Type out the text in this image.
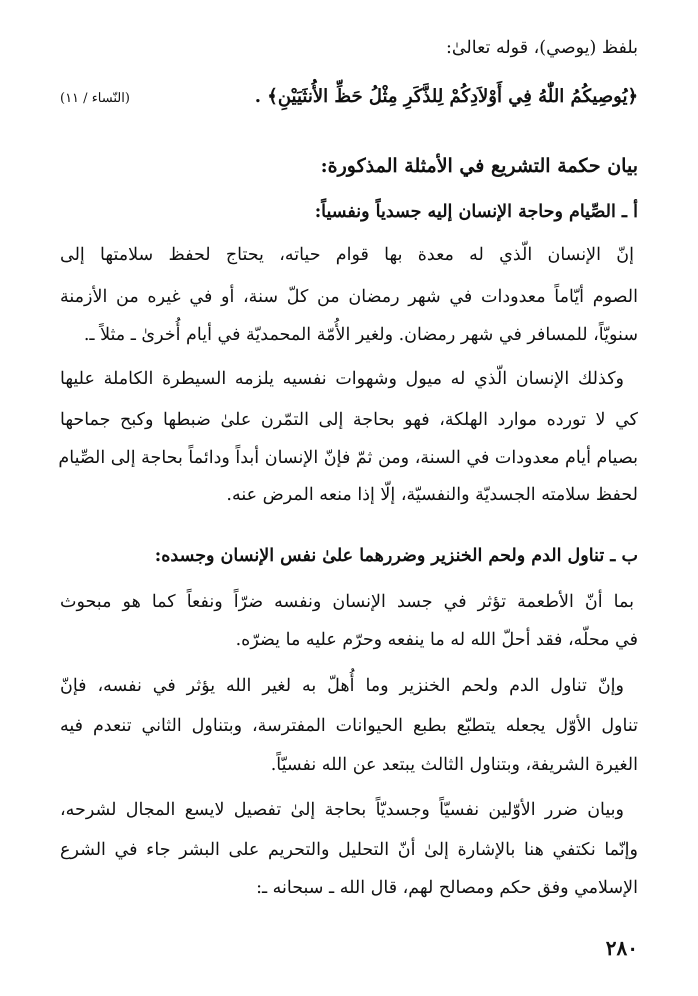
بلفظ (يوصي)، قوله تعالىٰ:
﴿يُوصِيكُمُ اللّٰهُ فِي أَوْلاَدِكُمْ لِلذَّكَرِ مِثْلُ حَظِّ الأُنثَيَيْنِ﴾ .
(النّساء / ١١)
بيان حكمة التشريع في الأمثلة المذكورة:
أ ـ الصِّيام وحاجة الإنسان إليه جسدياً ونفسياً:
إنّ الإنسان الّذي له معدة بها قوام حياته، يحتاج لحفظ سلامتها إلى
الصوم أيّاماً معدودات في شهر رمضان من كلّ سنة، أو في غيره من الأزمنة
سنويّاً، للمسافر في شهر رمضان. ولغير الأُمّة المحمديّة في أيام أُخرىٰ ـ مثلاً ـ.
وكذلك الإنسان الّذي له ميول وشهوات نفسيه يلزمه السيطرة الكاملة عليها
كي لا تورده موارد الهلكة، فهو بحاجة إلى التمّرن علىٰ ضبطها وكبح جماحها
بصيام أيام معدودات في السنة، ومن ثمّ فإنّ الإنسان أبداً ودائماً بحاجة إلى الصِّيام
لحفظ سلامته الجسديّة والنفسيّة، إلّا إذا منعه المرض عنه.
ب ـ تناول الدم ولحم الخنزير وضررهما علىٰ نفس الإنسان وجسده:
بما أنّ الأطعمة تؤثر في جسد الإنسان ونفسه ضرّاً ونفعاً كما هو مبحوث
في محلّه، فقد أحلّ الله له ما ينفعه وحرّم عليه ما يضرّه.
وإنّ تناول الدم ولحم الخنزير وما أُهلّ به لغير الله يؤثر في نفسه، فإنّ
تناول الأوّل يجعله يتطبّع بطبع الحيوانات المفترسة، وبتناول الثاني تنعدم فيه
الغيرة الشريفة، وبتناول الثالث يبتعد عن الله نفسيّاً.
وبيان ضرر الأوّلين نفسيّاً وجسديّاً بحاجة إلىٰ تفصيل لايسع المجال لشرحه،
وإنّما نكتفي هنا بالإشارة إلىٰ أنّ التحليل والتحريم على البشر جاء في الشرع
الإسلامي وفق حكم ومصالح لهم، قال الله ـ سبحانه ـ:
٢٨٠
